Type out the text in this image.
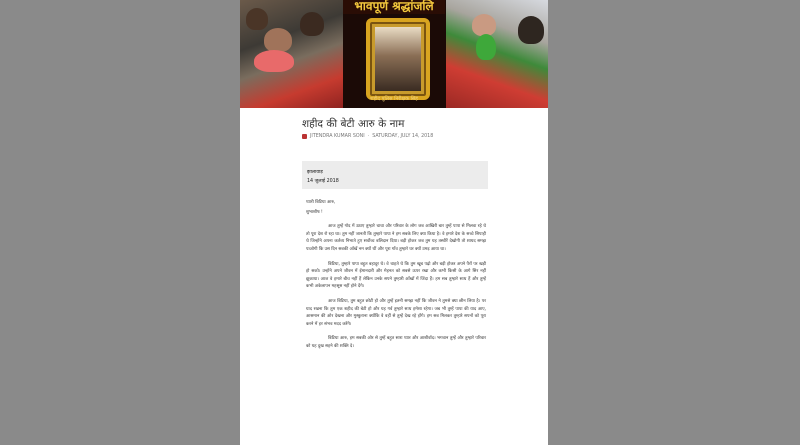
भावपूर्ण श्रद्धांजलि
शहीद पुलिस निरीक्षक सिंह
शहीद की बेटी आरु के नाम
JITENDRA KUMAR SONI · SATURDAY, JULY 14, 2018
झालावाड़
14 जुलाई 2018

प्यारी बिटिया आरु,

शुभाशीष !

आज तुम्हें गोद में उठाए तुम्हारे चाचा और परिवार के लोग जब आखिरी बार तुम्हें पापा से मिलवा रहे थे तो पूरा देश रो रहा था। तुम नहीं जानती कि तुम्हारे पापा ने हम सबके लिए क्या किया है। वे हमारे देश के सच्चे सिपाही थे जिन्होंने अपना कर्तव्य निभाते हुए सर्वोच्च बलिदान दिया। बड़ी होकर जब तुम यह तस्वीरें देखोगी तो शायद समझ पाओगी कि उस दिन सबकी आँखें नम क्यों थीं और पूरा गाँव तुम्हारे घर क्यों उमड़ आया था।

बिटिया, तुम्हारे पापा बहुत बहादुर थे। वे चाहते थे कि तुम खूब पढ़ो और बड़ी होकर अपने पैरों पर खड़ी हो सको। उन्होंने अपने जीवन में ईमानदारी और मेहनत को सबसे ऊपर रखा और कभी किसी के आगे सिर नहीं झुकाया। आज वे हमारे बीच नहीं हैं लेकिन उनके सपने तुम्हारी आँखों में जिंदा हैं। हम सब तुम्हारे साथ हैं और तुम्हें कभी अकेलापन महसूस नहीं होने देंगे।

आज बिटिया, तुम बहुत छोटी हो और तुम्हें इतनी समझ नहीं कि जीवन ने तुमसे क्या छीन लिया है। पर याद रखना कि तुम एक शहीद की बेटी हो और यह गर्व तुम्हारे साथ हमेशा रहेगा। जब भी तुम्हें पापा की याद आए, आसमान की ओर देखना और मुस्कुराना क्योंकि वे वहीं से तुम्हें देख रहे होंगे। हम सब मिलकर तुम्हारे सपनों को पूरा करने में हर संभव मदद करेंगे।

बिटिया आरु, हम सबकी ओर से तुम्हें बहुत सारा प्यार और आशीर्वाद। भगवान तुम्हें और तुम्हारे परिवार को यह दुख सहने की शक्ति दे।
